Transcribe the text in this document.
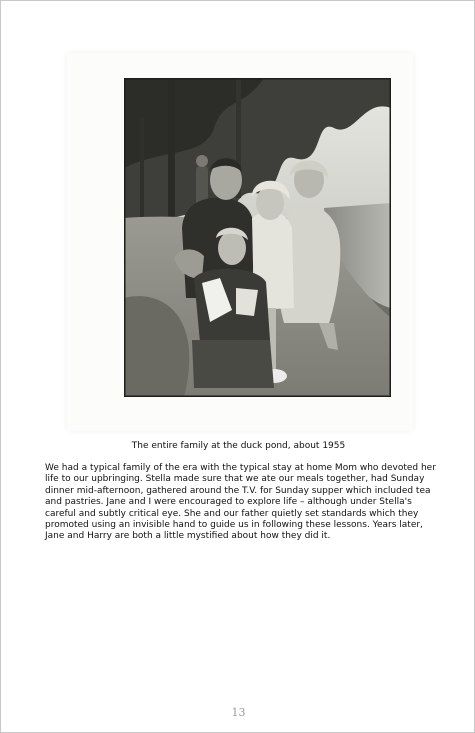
The entire family at the duck pond, about 1955

We had a typical family of the era with the typical stay at home Mom who devoted her life to our upbringing. Stella made sure that we ate our meals together, had Sunday dinner mid-afternoon, gathered around the T.V. for Sunday supper which included tea and pastries. Jane and I were encouraged to explore life – although under Stella's careful and subtly critical eye. She and our father quietly set standards which they promoted using an invisible hand to guide us in following these lessons. Years later, Jane and Harry are both a little mystified about how they did it.

13
